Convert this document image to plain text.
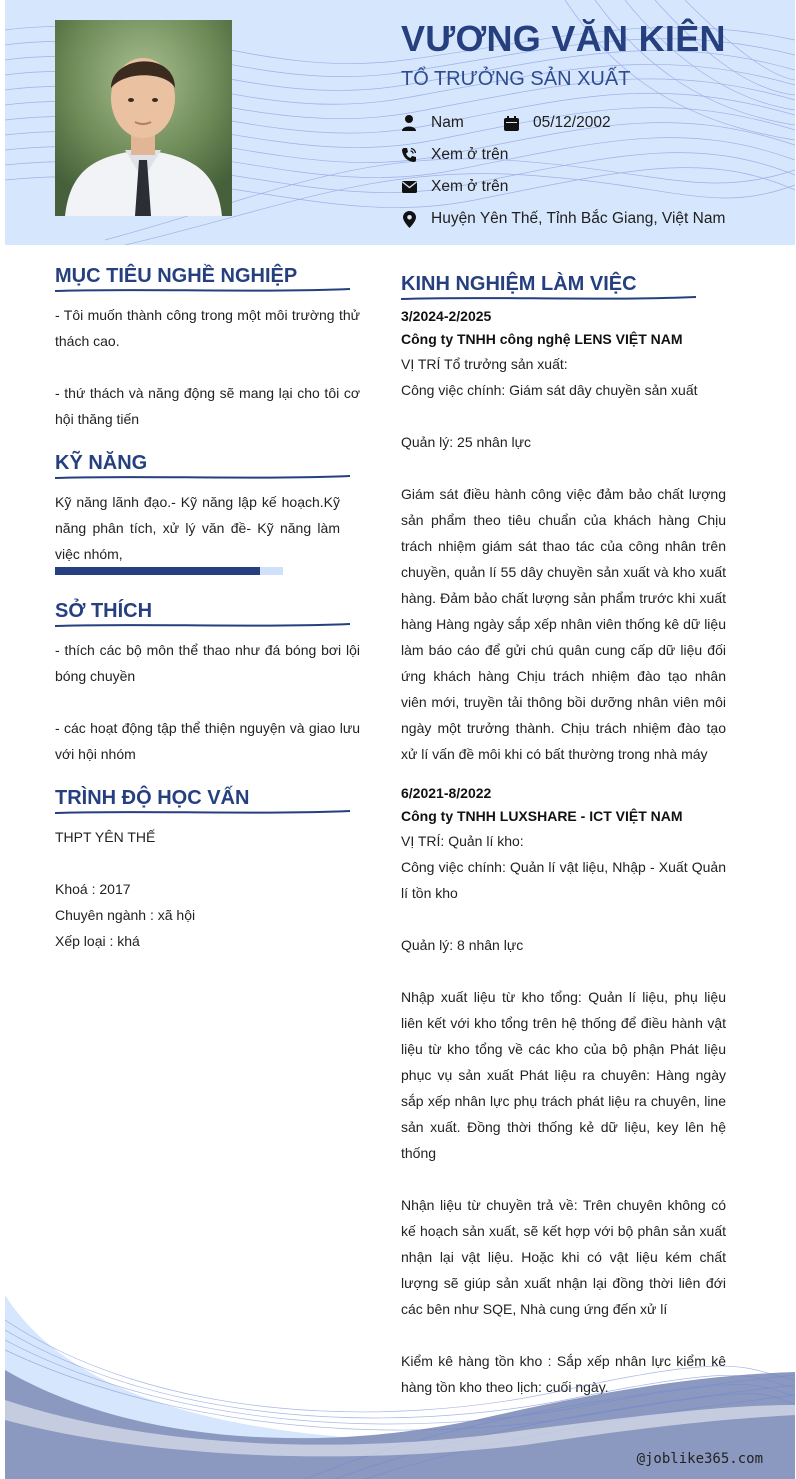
VƯƠNG VĂN KIÊN
TỔ TRƯỞNG SẢN XUẤT
Nam	05/12/2002
Xem ở trên
Xem ở trên
Huyện Yên Thế, Tỉnh Bắc Giang, Việt Nam
MỤC TIÊU NGHỀ NGHIỆP
- Tôi muốn thành công trong một môi trường thử thách cao.

- thứ thách và năng động sẽ mang lại cho tôi cơ hội thăng tiến
KỸ NĂNG
Kỹ năng lãnh đạo.- Kỹ năng lập kế hoạch.Kỹ năng phân tích, xử lý văn đề- Kỹ năng làm việc nhóm,
SỞ THÍCH
- thích các bộ môn thể thao như đá bóng bơi lội bóng chuyền

- các hoạt động tập thể thiện nguyện và giao lưu với hội nhóm
TRÌNH ĐỘ HỌC VẤN
THPT YÊN THẾ

Khoá : 2017
Chuyên ngành : xã hội
Xếp loại : khá
KINH NGHIỆM LÀM VIỆC
3/2024-2/2025
Công ty TNHH công nghệ LENS VIỆT NAM
VỊ TRÍ Tổ trưởng sản xuất:
Công việc chính: Giám sát dây chuyền sản xuất

Quản lý: 25 nhân lực

Giám sát điều hành công việc đảm bảo chất lượng sản phẩm theo tiêu chuẩn của khách hàng Chịu trách nhiệm giám sát thao tác của công nhân trên chuyền, quản lí 55 dây chuyền sản xuất và kho xuất hàng. Đảm bảo chất lượng sản phẩm trước khi xuất hàng Hàng ngày sắp xếp nhân viên thống kê dữ liệu làm báo cáo để gửi chú quân cung cấp dữ liệu đối ứng khách hàng Chịu trách nhiệm đào tạo nhân viên mới, truyền tải thông bồi dưỡng nhân viên môi ngày một trưởng thành. Chịu trách nhiệm đào tạo xử lí vấn đề môi khi có bất thường trong nhà máy
6/2021-8/2022
Công ty TNHH LUXSHARE - ICT VIỆT NAM
VỊ TRÍ: Quản lí kho:
Công việc chính: Quản lí vật liệu, Nhập - Xuất Quản lí tồn kho

Quản lý: 8 nhân lực

Nhập xuất liệu từ kho tổng: Quản lí liệu, phụ liệu liên kết với kho tổng trên hệ thống để điều hành vật liệu từ kho tổng về các kho của bộ phận Phát liệu phục vụ sản xuất Phát liệu ra chuyên: Hàng ngày sắp xếp nhân lực phụ trách phát liệu ra chuyên, line sản xuất. Đồng thời thống kẻ dữ liệu, key lên hệ thống

Nhận liệu từ chuyền trả về: Trên chuyên không có kế hoạch sản xuất, sẽ kết hợp với bộ phân sản xuất nhận lại vật liệu. Hoặc khi có vật liệu kém chất lượng sẽ giúp sản xuất nhận lại đồng thời liên đới các bên như SQE, Nhà cung ứng đến xử lí

Kiểm kê hàng tồn kho : Sắp xếp nhân lực kiểm kê hàng tồn kho theo lịch: cuối ngày.
@joblike365.com
